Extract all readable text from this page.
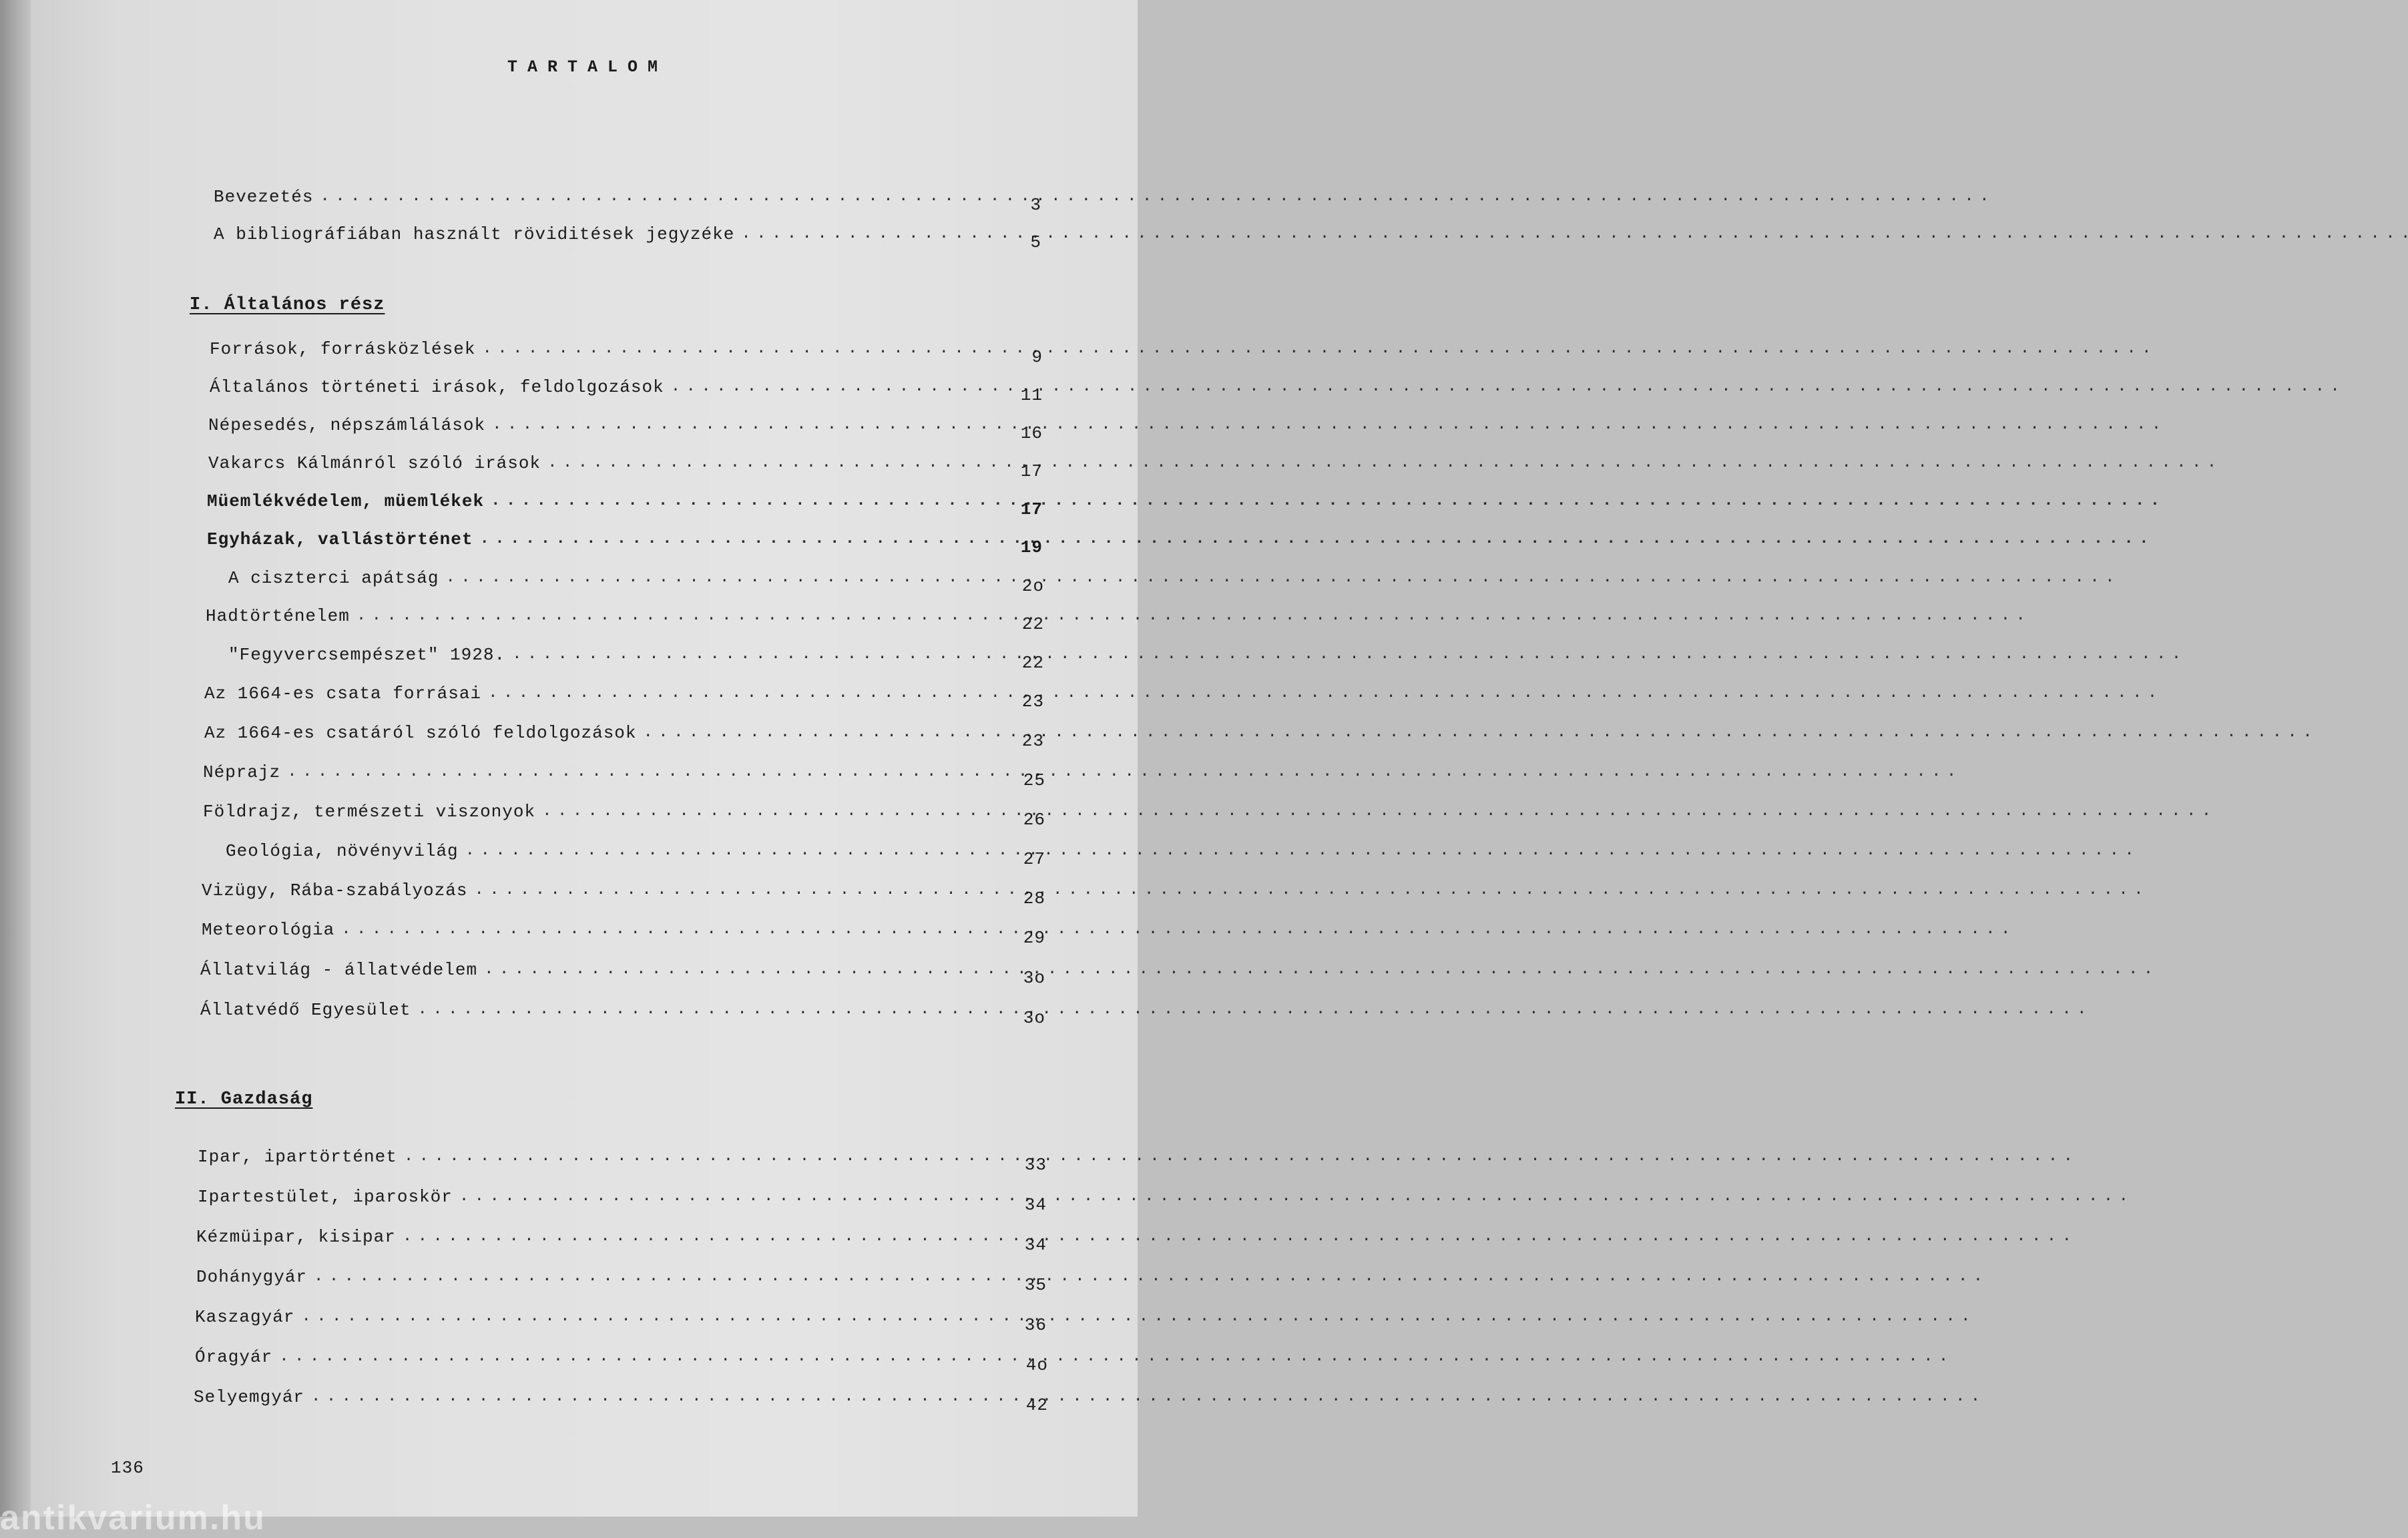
TARTALOM
Bevezetés . . .	3
A bibliográfiában használt röviditések jegyzéke . . .	5
I. Általános rész
Források, forrásközlések . . .	9
Általános történeti irások, feldolgozások . . .	11
Népesedés, népszámlálások . . .	16
Vakarcs Kálmánról szóló irások . . .	17
Müemlékvédelem, müemlékek . . .	17
Egyházak, vallástörténet . . .	19
A ciszterci apátság . . .	2o
Hadtörténelem . . .	22
"Fegyvercsempészet" 1928. . . .	22
Az 1664-es csata forrásai . . .	23
Az 1664-es csatáról szóló feldolgozások . . .	23
Néprajz . . .	25
Földrajz, természeti viszonyok . . .	26
Geológia, növényvilág . . .	27
Vizügy, Rába-szabályozás . . .	28
Meteorológia . . .	29
Állatvilág - állatvédelem . . .	3o
Állatvédő Egyesület . . .	3o
II. Gazdaság
Ipar, ipartörténet . . .	33
Ipartestület, iparoskör . . .	34
Kézmüipar, kisipar . . .	34
Dohánygyár . . .	35
Kaszagyár . . .	36
Óragyár . . .	4o
Selyemgyár . . .	42
136
antikvarium.hu
